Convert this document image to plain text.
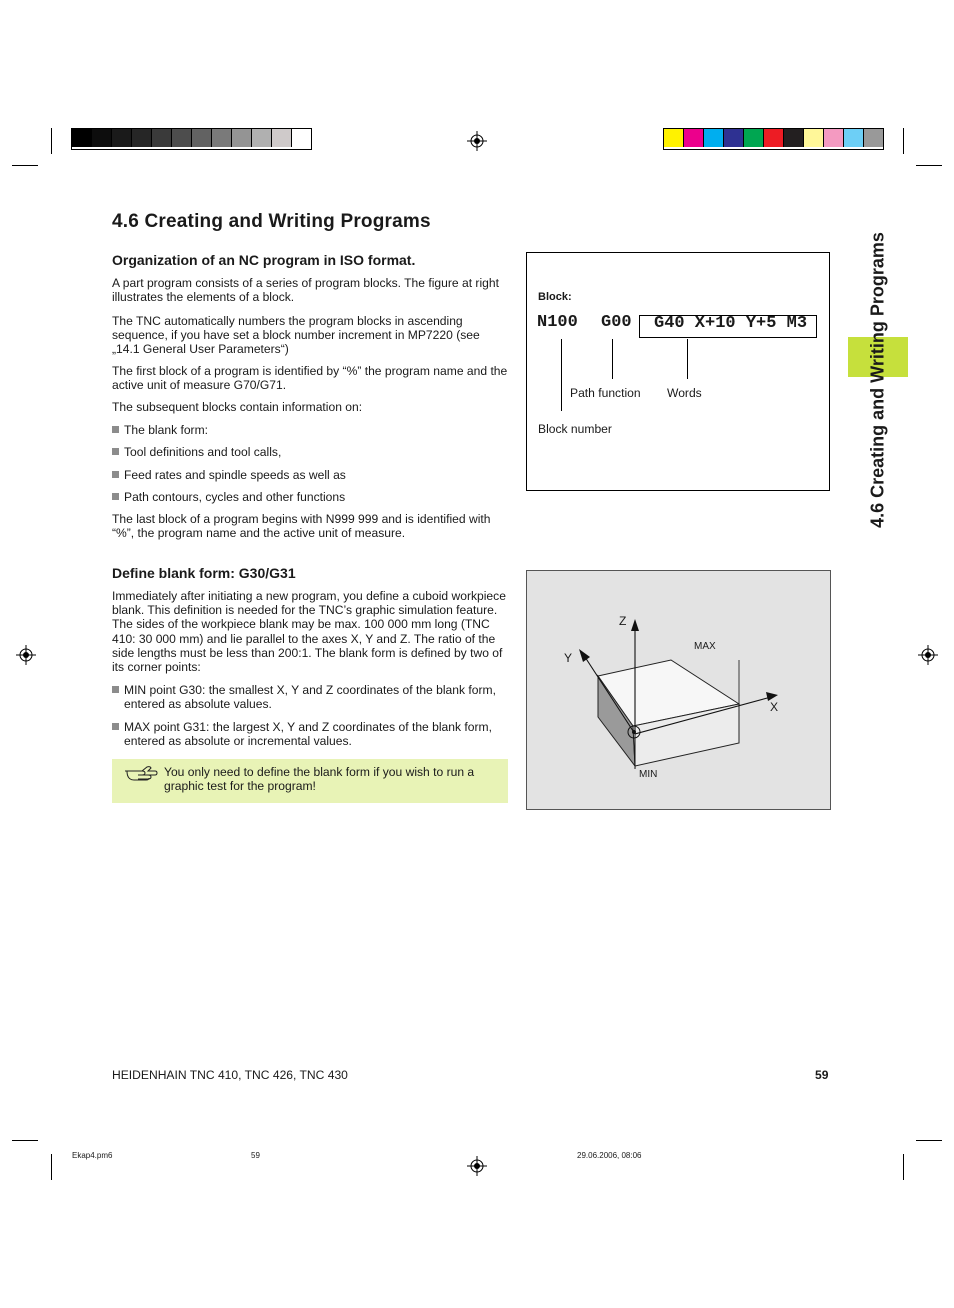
4.6 Creating and Writing Programs
4.6 Creating and Writing Programs
Organization of an NC program in ISO format.

A part program consists of a series of program blocks. The figure at right illustrates the elements of a block.

The TNC automatically numbers the program blocks in ascending sequence, if you have set a block number increment in MP7220 (see „14.1 General User Parameters“)

The first block of a program is identified by “%” the program name and the active unit of measure G70/G71.

The subsequent blocks contain information on:

The blank form:
Tool definitions and tool calls,
Feed rates and spindle speeds as well as
Path contours, cycles and other functions

The last block of a program begins with N999 999 and is identified with “%”, the program name and the active unit of measure.

Define blank form: G30/G31

Immediately after initiating a new program, you define a cuboid workpiece blank. This definition is needed for the TNC’s graphic simulation feature. The sides of the workpiece blank may be max. 100 000 mm long (TNC 410: 30 000 mm) and lie parallel to the axes X, Y and Z. The ratio of the side lengths must be less than 200:1. The blank form is defined by two of its corner points:

MIN point G30: the smallest X, Y and Z coordinates of the blank form, entered as absolute values.
MAX point G31: the largest X, Y and Z coordinates of the blank form, entered as absolute or incremental values.
You only need to define the blank form if you wish to run a graphic test for the program!
Block:
N100 G00 G40 X+10 Y+5 M3
Path function Words
Block number
Z
Y
X
MAX
MIN
HEIDENHAIN TNC 410, TNC 426, TNC 430	59
Ekap4.pm6	59	29.06.2006, 08:06
